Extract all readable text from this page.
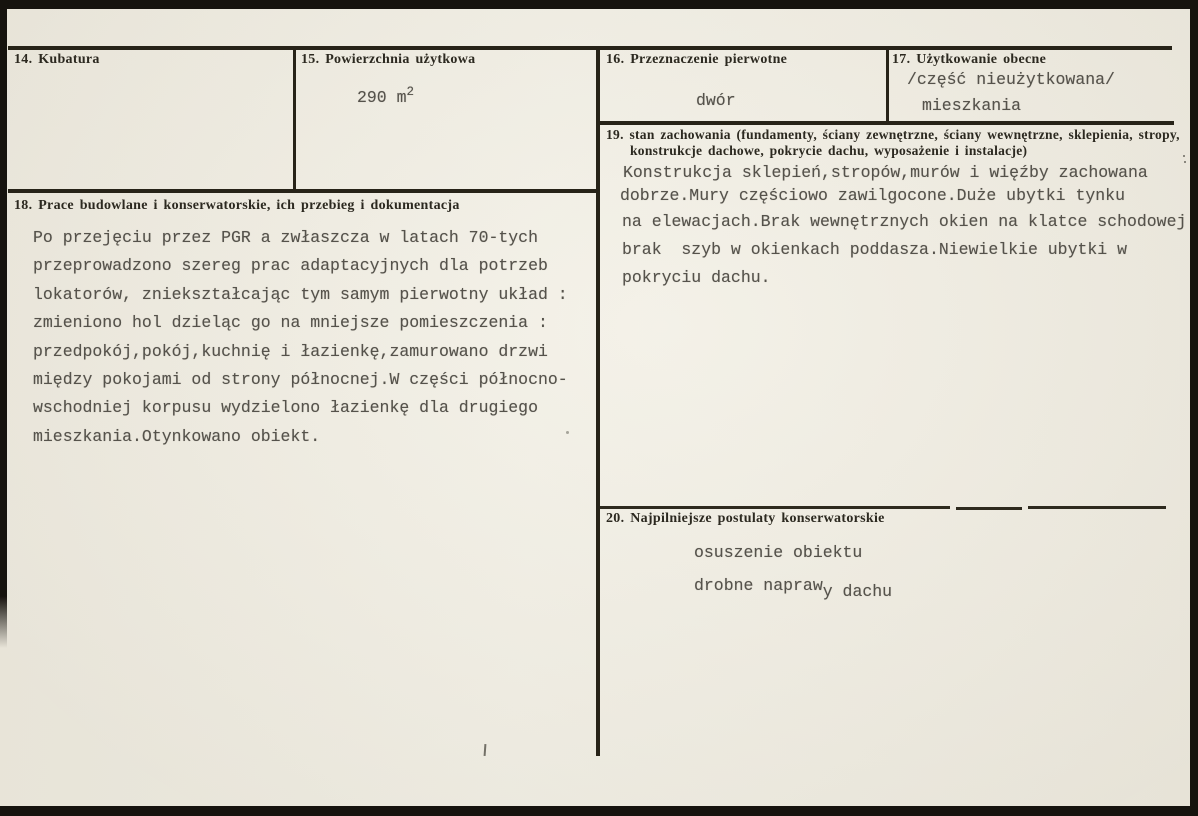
14. Kubatura	15. Powierzchnia użytkowa
290 $m^2$
16. Przeznaczenie pierwotne
dwór
17. Użytkowanie obecne
/część nieużytkowana/
mieszkania
18. Prace budowlane i konserwatorskie, ich przebieg i dokumentacja
Po przejęciu przez PGR a zwłaszcza w latach 70-tych
przeprowadzono szereg prac adaptacyjnych dla potrzeb
lokatorów, zniekształcając tym samym pierwotny układ :
zmieniono hol dzieląc go na mniejsze pomieszczenia :
przedpokój,pokój,kuchnię i łazienkę,zamurowano drzwi
między pokojami od strony północnej.W części północno-
wschodniej korpusu wydzielono łazienkę dla drugiego
mieszkania.Otynkowano obiekt.
19. stan zachowania (fundamenty, ściany zewnętrzne, ściany wewnętrzne, sklepienia, stropy,
konstrukcje dachowe, pokrycie dachu, wyposażenie i instalacje)
Konstrukcja sklepień,stropów,murów i więźby zachowana
dobrze.Mury częściowo zawilgocone.Duże ubytki tynku
na elewacjach.Brak wewnętrznych okien na klatce schodowej
brak  szyb w okienkach poddasza.Niewielkie ubytki w
pokryciu dachu.
20. Najpilniejsze postulaty konserwatorskie
osuszenie obiektu
drobne naprawy dachu
